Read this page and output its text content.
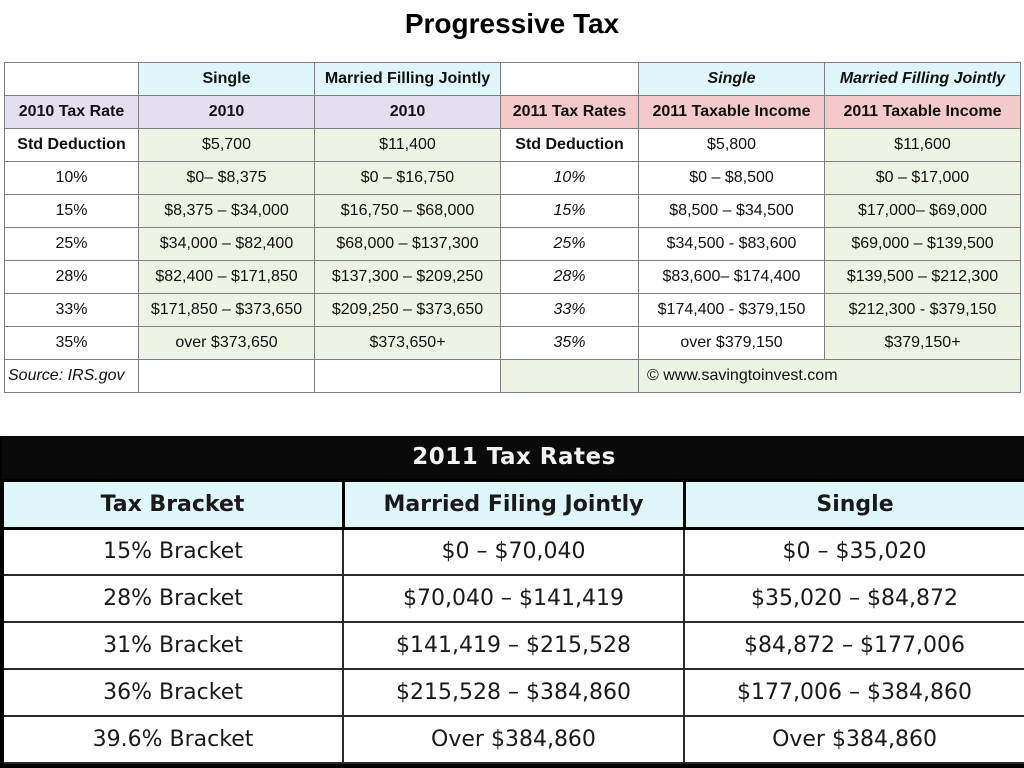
Progressive Tax
	Single	Married Filling Jointly		Single	Married Filling Jointly
2010 Tax Rate	2010	2010	2011 Tax Rates	2011 Taxable Income	2011 Taxable Income
Std Deduction	$5,700	$11,400	Std Deduction	$5,800	$11,600
10%	$0– $8,375	$0 – $16,750	10%	$0 – $8,500	$0 – $17,000
15%	$8,375 – $34,000	$16,750 – $68,000	15%	$8,500 – $34,500	$17,000– $69,000
25%	$34,000 – $82,400	$68,000 – $137,300	25%	$34,500 - $83,600	$69,000 – $139,500
28%	$82,400 – $171,850	$137,300 – $209,250	28%	$83,600– $174,400	$139,500 – $212,300
33%	$171,850 – $373,650	$209,250 – $373,650	33%	$174,400 - $379,150	$212,300 - $379,150
35%	over $373,650	$373,650+	35%	over $379,150	$379,150+
Source: IRS.gov				© www.savingtoinvest.com	
2011 Tax Rates		
Tax Bracket	Married Filing Jointly	Single
15% Bracket	$0 – $70,040	$0 – $35,020
28% Bracket	$70,040 – $141,419	$35,020 – $84,872
31% Bracket	$141,419 – $215,528	$84,872 – $177,006
36% Bracket	$215,528 – $384,860	$177,006 – $384,860
39.6% Bracket	Over $384,860	Over $384,860
